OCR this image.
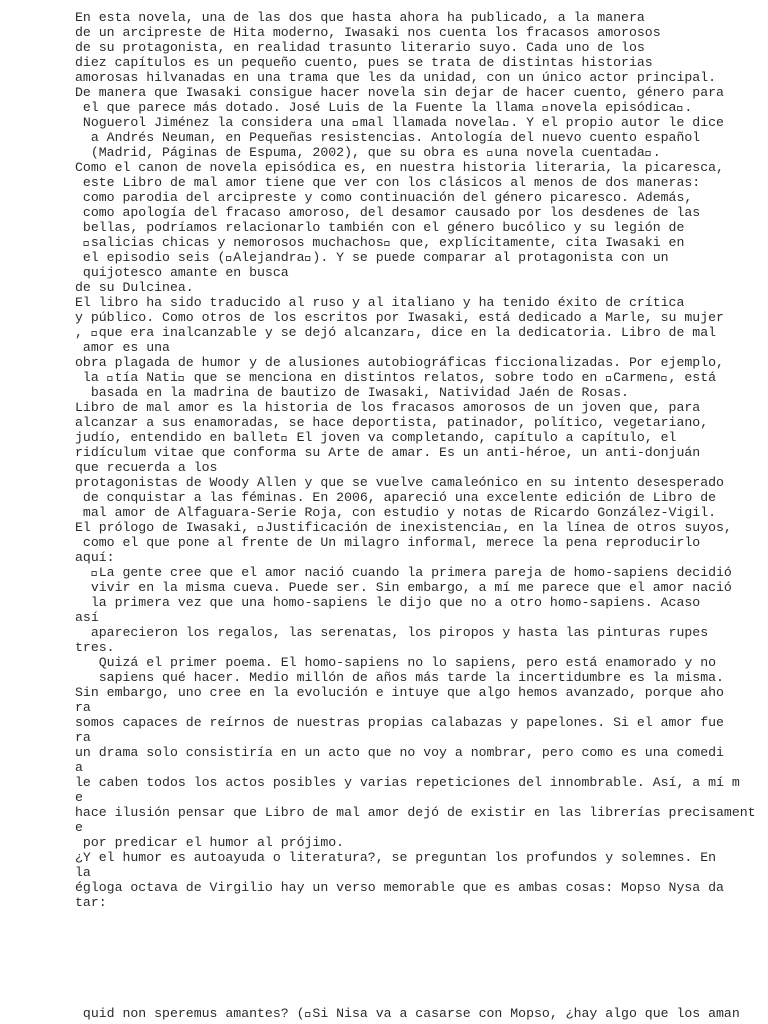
En esta novela, una de las dos que hasta ahora ha publicado, a la manera
de un arcipreste de Hita moderno, Iwasaki nos cuenta los fracasos amorosos
de su protagonista, en realidad trasunto literario suyo. Cada uno de los
diez capítulos es un pequeño cuento, pues se trata de distintas historias
amorosas hilvanadas en una trama que les da unidad, con un único actor principal.
De manera que Iwasaki consigue hacer novela sin dejar de hacer cuento, género para
el que parece más dotado. José Luis de la Fuente la llama  novela episódica .
Noguerol Jiménez la considera una  mal llamada novela . Y el propio autor le dice
a Andrés Neuman, en Pequeñas resistencias. Antología del nuevo cuento español
(Madrid, Páginas de Espuma, 2002), que su obra es  una novela cuentada .
Como el canon de novela episódica es, en nuestra historia literaria, la picaresca,
este Libro de mal amor tiene que ver con los clásicos al menos de dos maneras:
como parodia del arcipreste y como continuación del género picaresco. Además,
como apología del fracaso amoroso, del desamor causado por los desdenes de las
bellas, podríamos relacionarlo también con el género bucólico y su legión de
 salicias chicas y nemorosos muchachos  que, explícitamente, cita Iwasaki en
el episodio seis ( Alejandra ). Y se puede comparar al protagonista con un
quijotesco amante en busca
de su Dulcinea.
El libro ha sido traducido al ruso y al italiano y ha tenido éxito de crítica
y público. Como otros de los escritos por Iwasaki, está dedicado a Marle, su mujer
,  que era inalcanzable y se dejó alcanzar , dice en la dedicatoria. Libro de mal
amor es una
obra plagada de humor y de alusiones autobiográficas ficcionalizadas. Por ejemplo,
la  tía Nati  que se menciona en distintos relatos, sobre todo en  Carmen , está
basada en la madrina de bautizo de Iwasaki, Natividad Jaén de Rosas.
Libro de mal amor es la historia de los fracasos amorosos de un joven que, para
alcanzar a sus enamoradas, se hace deportista, patinador, político, vegetariano,
judío, entendido en ballet  El joven va completando, capítulo a capítulo, el
ridículum vitae que conforma su Arte de amar. Es un anti-héroe, un anti-donjuán
que recuerda a los
protagonistas de Woody Allen y que se vuelve camaleónico en su intento desesperado
de conquistar a las féminas. En 2006, apareció una excelente edición de Libro de
mal amor de Alfaguara-Serie Roja, con estudio y notas de Ricardo González-Vigil.
El prólogo de Iwasaki,  Justificación de inexistencia , en la línea de otros suyos,
como el que pone al frente de Un milagro informal, merece la pena reproducirlo
aquí:
 La gente cree que el amor nació cuando la primera pareja de homo-sapiens decidió
vivir en la misma cueva. Puede ser. Sin embargo, a mí me parece que el amor nació
la primera vez que una homo-sapiens le dijo que no a otro homo-sapiens. Acaso
así
aparecieron los regalos, las serenatas, los piropos y hasta las pinturas rupes
tres.
Quizá el primer poema. El homo-sapiens no lo sapiens, pero está enamorado y no
sapiens qué hacer. Medio millón de años más tarde la incertidumbre es la misma.
Sin embargo, uno cree en la evolución e intuye que algo hemos avanzado, porque aho
ra
somos capaces de reírnos de nuestras propias calabazas y papelones. Si el amor fue
ra
un drama solo consistiría en un acto que no voy a nombrar, pero como es una comedi
a
le caben todos los actos posibles y varias repeticiones del innombrable. Así, a mí m
e
hace ilusión pensar que Libro de mal amor dejó de existir en las librerías precisament
e
por predicar el humor al prójimo.
¿Y el humor es autoayuda o literatura?, se preguntan los profundos y solemnes. En
la
égloga octava de Virgilio hay un verso memorable que es ambas cosas: Mopso Nysa da
tar:
quid non speremus amantes? ( Si Nisa va a casarse con Mopso, ¿hay algo que los aman
